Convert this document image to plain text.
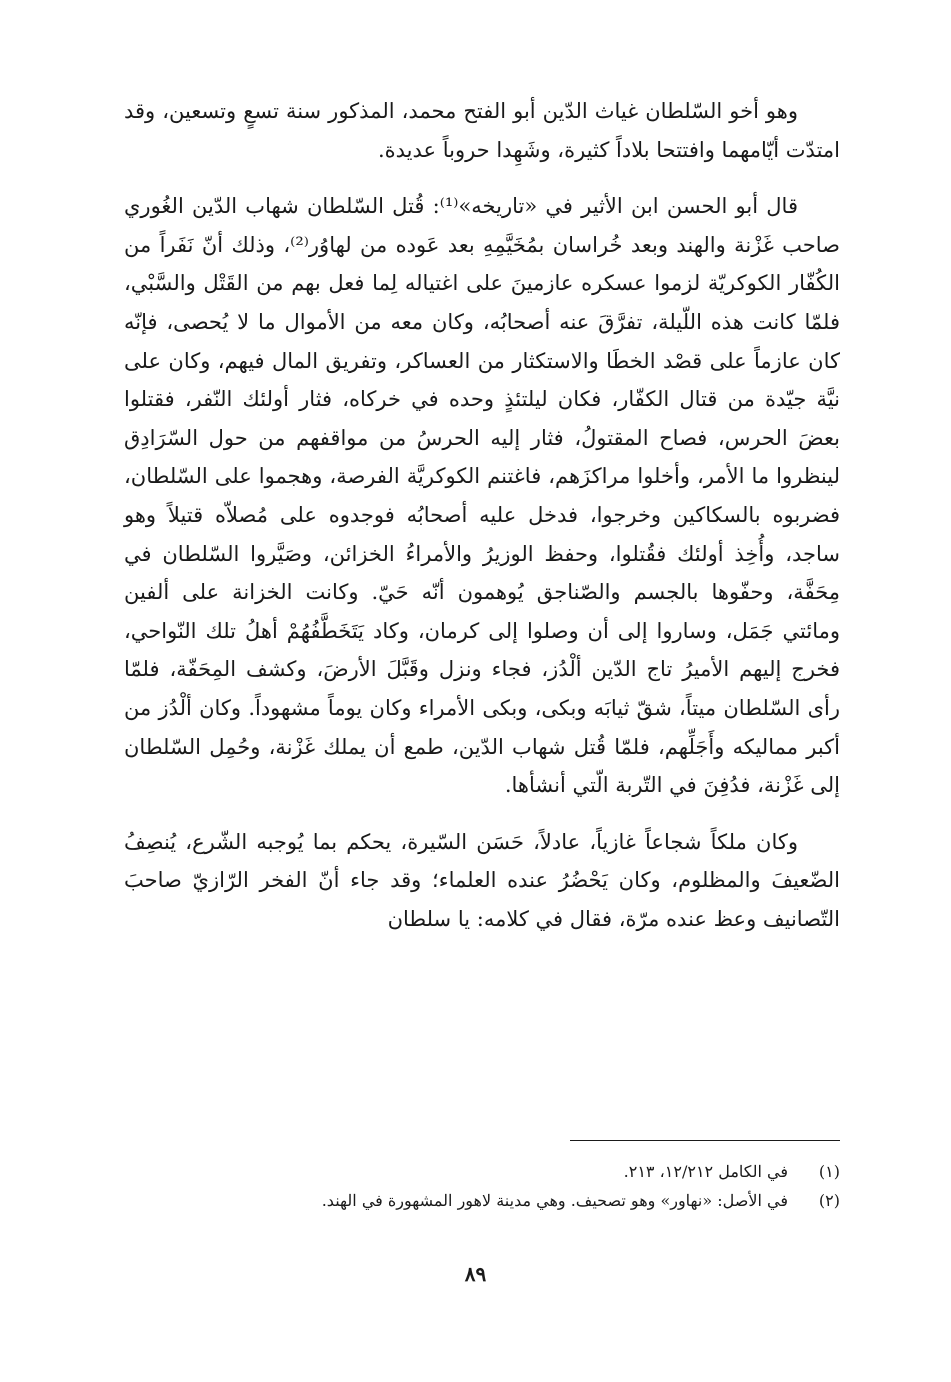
وهو أخو السّلطان غياث الدّين أبو الفتح محمد، المذكور سنة تسعٍ وتسعين، وقد امتدّت أيّامهما وافتتحا بلاداً كثيرة، وشَهِدا حروباً عديدة.

قال أبو الحسن ابن الأثير في «تاريخه»⁽¹⁾: قُتل السّلطان شهاب الدّين الغُوري صاحب غَزْنة والهند وبعد خُراسان بمُخَيَّمِهِ بعد عَوده من لهاوُر⁽²⁾، وذلك أنّ نَفَراً من الكُفّار الكوكريّة لزموا عسكره عازمينَ على اغتياله لِما فعل بهم من القَتْل والسَّبْي، فلمّا كانت هذه اللّيلة، تفرَّقَ عنه أصحابُه، وكان معه من الأموال ما لا يُحصى، فإنّه كان عازماً على قصْد الخطَا والاستكثار من العساكر، وتفريق المال فيهم، وكان على نيَّة جيّدة من قتال الكفّار، فكان ليلتئذٍ وحده في خركاه، فثار أولئك النّفر، فقتلوا بعضَ الحرس، فصاح المقتولُ، فثار إليه الحرسُ من مواقفهم من حول السّرَادِق لينظروا ما الأمر، وأخلوا مراكزَهم، فاغتنم الكوكريَّة الفرصة، وهجموا على السّلطان، فضربوه بالسكاكين وخرجوا، فدخل عليه أصحابُه فوجدوه على مُصلاّه قتيلاً وهو ساجد، وأُخِذ أولئك فقُتلوا، وحفظ الوزيرُ والأمراءُ الخزائن، وصَيَّروا السّلطان في مِحَفَّة، وحفّوها بالجسم والصّناجق يُوهمون أنّه حَيّ. وكانت الخزانة على ألفين ومائتي جَمَل، وساروا إلى أن وصلوا إلى كرمان، وكاد يَتَخَطَّفُهُمْ أهلُ تلك النّواحي، فخرج إليهم الأميرُ تاج الدّين ألْدُز، فجاء ونزل وقَبَّلَ الأرضَ، وكشف المِحَفّة، فلمّا رأى السّلطان ميتاً، شقّ ثيابَه وبكى، وبكى الأمراء وكان يوماً مشهوداً. وكان ألْدُز من أكبر مماليكه وأَجَلِّهم، فلمّا قُتل شهاب الدّين، طمع أن يملك غَزْنة، وحُمِل السّلطان إلى غَزْنة، فدُفِنَ في التّربة الّتي أنشأها.

وكان ملكاً شجاعاً غازياً، عادلاً، حَسَن السّيرة، يحكم بما يُوجبه الشّرع، يُنصِفُ الضّعيفَ والمظلوم، وكان يَحْضُرُ عنده العلماء؛ وقد جاء أنّ الفخر الرّازيّ صاحبَ التّصانيف وعظ عنده مرّة، فقال في كلامه: يا سلطان

(١)
في الكامل ١٢/٢١٢، ٢١٣.
(٢)
في الأصل: «نهاور» وهو تصحيف. وهي مدينة لاهور المشهورة في الهند.
٨٩
